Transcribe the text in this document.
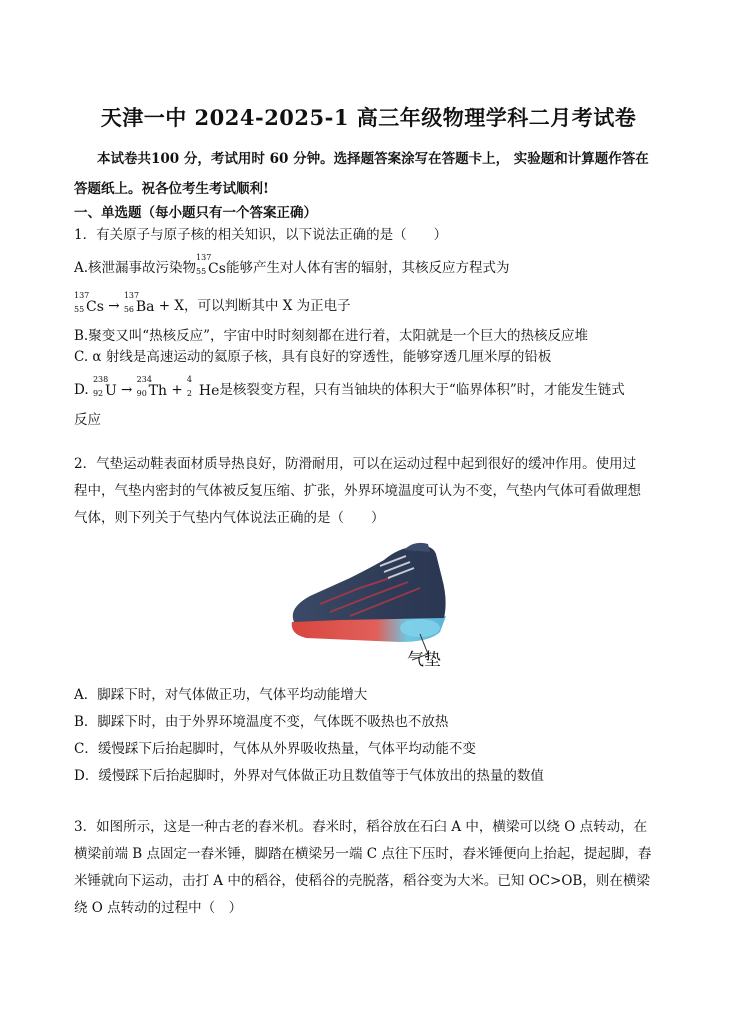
天津一中 2024-2025-1 高三年级物理学科二月考试卷
本试卷共100 分，考试用时 60 分钟。选择题答案涂写在答题卡上， 实验题和计算题作答在
答题纸上。祝各位考生考试顺利!
一、单选题（每小题只有一个答案正确）
1．有关原子与原子核的相关知识，以下说法正确的是（　　）
A.核泄漏事故污染物
137
55 Cs能够产生对人体有害的辐射，其核反应方程式为
137
55 Cs →
137
56 Ba + X，可以判断其中 X 为正电子
B.聚变又叫“热核反应”，宇宙中时时刻刻都在进行着，太阳就是一个巨大的热核反应堆
C. α 射线是高速运动的氦原子核，具有良好的穿透性，能够穿透几厘米厚的铅板
D.
238
92 U →
234
90 Th +
4
2 He是核裂变方程，只有当铀块的体积大于“临界体积”时，才能发生链式
反应
2．气垫运动鞋表面材质导热良好，防滑耐用，可以在运动过程中起到很好的缓冲作用。使用过
程中，气垫内密封的气体被反复压缩、扩张，外界环境温度可认为不变，气垫内气体可看做理想
气体，则下列关于气垫内气体说法正确的是（　　）
气垫
A．脚踩下时，对气体做正功，气体平均动能增大
B．脚踩下时，由于外界环境温度不变，气体既不吸热也不放热
C．缓慢踩下后抬起脚时，气体从外界吸收热量，气体平均动能不变
D．缓慢踩下后抬起脚时，外界对气体做正功且数值等于气体放出的热量的数值
3．如图所示，这是一种古老的舂米机。舂米时，稻谷放在石臼 A 中，横梁可以绕 O 点转动，在
横梁前端 B 点固定一舂米锤，脚踏在横梁另一端 C 点往下压时，舂米锤便向上抬起，提起脚，舂
米锤就向下运动，击打 A 中的稻谷，使稻谷的壳脱落，稻谷变为大米。已知 OC>OB，则在横梁
绕 O 点转动的过程中（　）
